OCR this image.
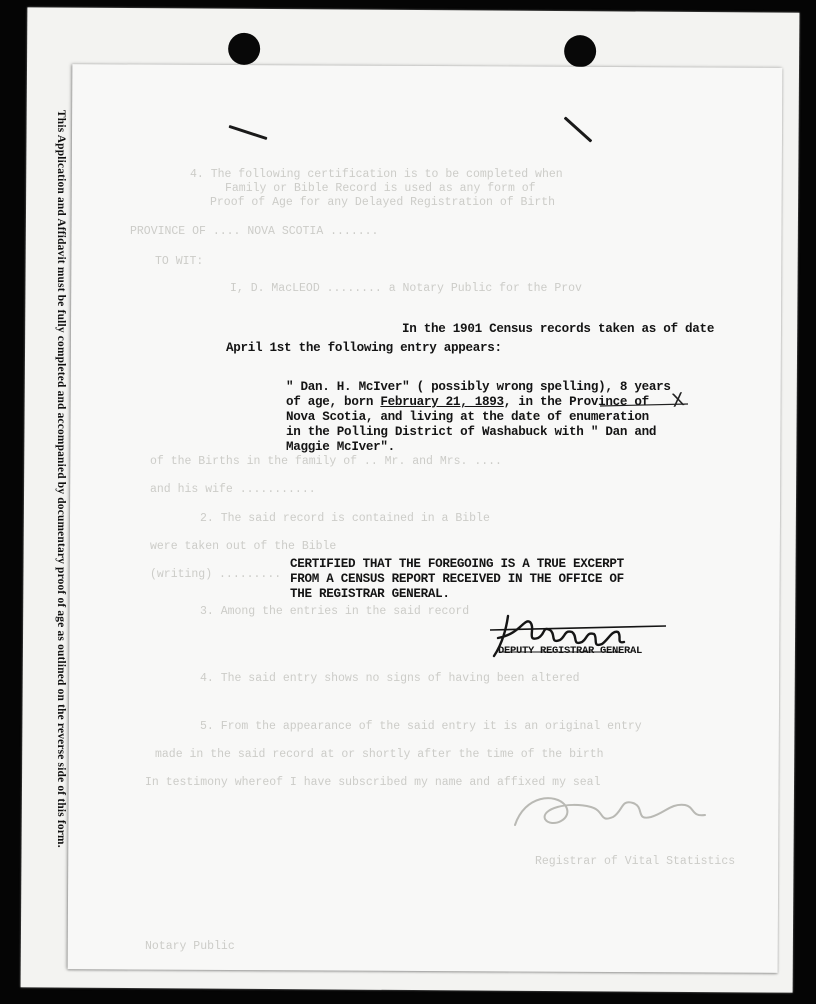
This Application and Affidavit must be fully completed and accompanied by documentary proof of age as outlined on the reverse side of this form.	4. The following certification is to be completed when
Family or Bible Record is used as any form of
Proof of Age for any Delayed Registration of Birth
PROVINCE OF .... NOVA SCOTIA .......
TO WIT:
I, D. MacLEOD ........ a Notary Public for the Prov
of the Births in the family of .. Mr. and Mrs. ....
and his wife ...........
2. The said record is contained in a Bible
were taken out of the Bible
(writing) .........
3. Among the entries in the said record
4. The said entry shows no signs of having been altered
5. From the appearance of the said entry it is an original entry
made in the said record at or shortly after the time of the birth
In testimony whereof I have subscribed my name and affixed my seal
Registrar of Vital Statistics
Notary Public
In the 1901 Census records taken as of date
April 1st the following entry appears:
" Dan. H. McIver" ( possibly wrong spelling), 8 years
of age, born February 21, 1893, in the Province of
Nova Scotia, and living at the date of enumeration
in the Polling District of Washabuck with " Dan and
Maggie McIver".
X
CERTIFIED THAT THE FOREGOING IS A TRUE EXCERPT
FROM A CENSUS REPORT RECEIVED IN THE OFFICE OF
THE REGISTRAR GENERAL.
DEPUTY REGISTRAR GENERAL
